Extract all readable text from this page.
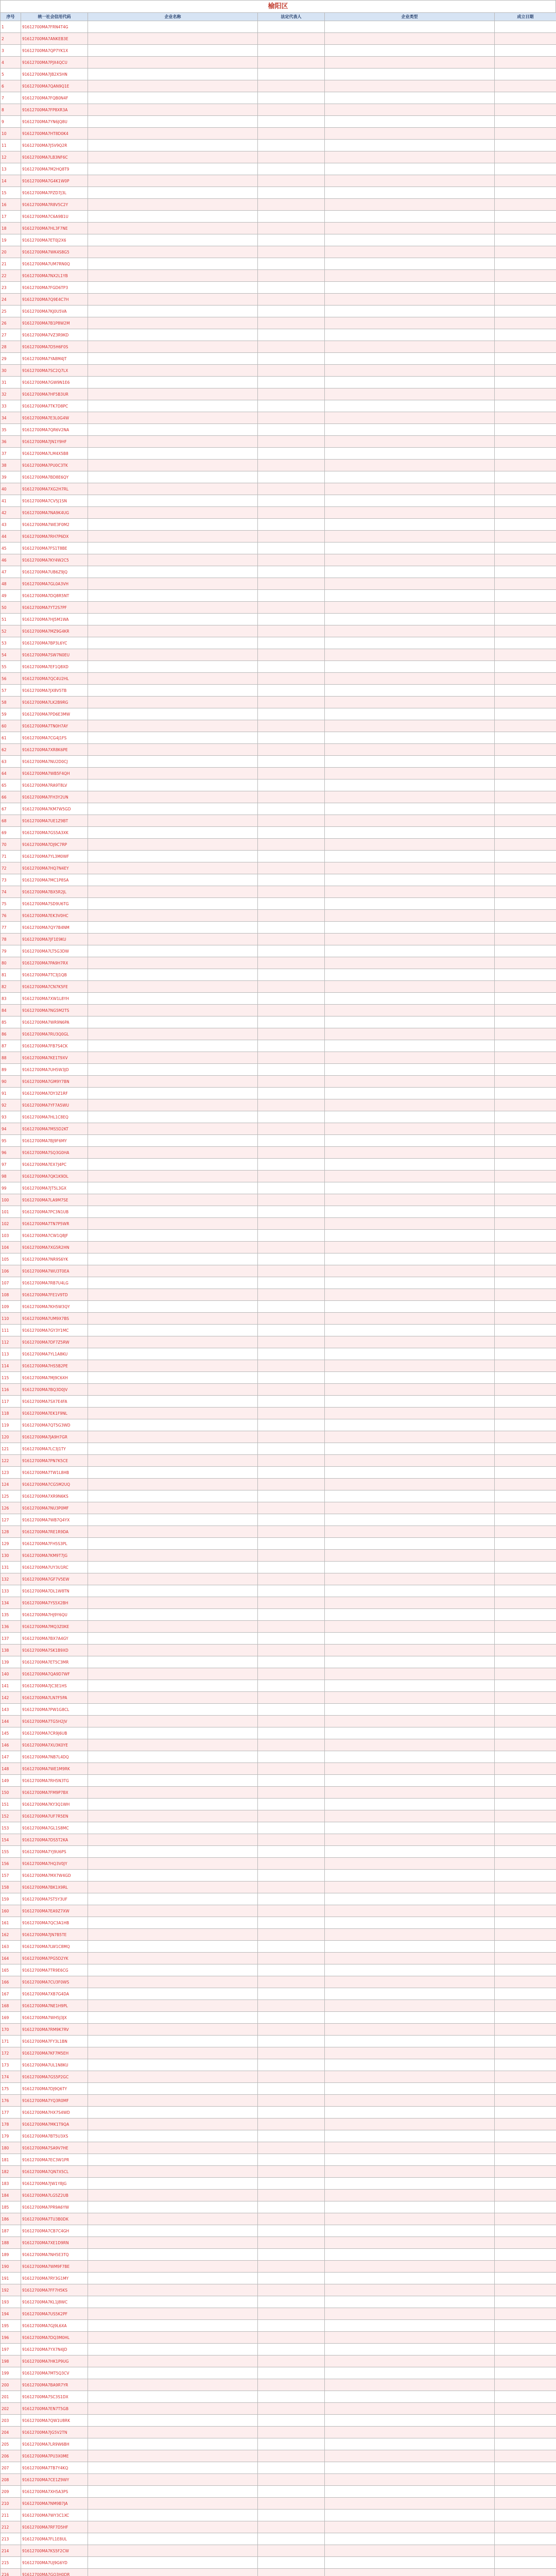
榆阳区
序号	统一社会信用代码	企业名称	法定代表人	企业类型	成立日期
1	91612700MA7FRN4T4G				
2	91612700MA7ANKEB3E				
3	91612700MA7QP7YK1X				
4	91612700MA7PJX4QCU				
5	91612700MA7JB2X5HN				
6	91612700MA7QAN9Q1E				
7	91612700MA7FQB0N4F				
8	91612700MA7FP8XR3A				
9	91612700MA7YN6JQ8U				
10	91612700MA7HT8D0K4				
11	91612700MA7J5V9Q2R				
12	91612700MA7LB3NF6C				
13	91612700MA7M2HQ8T9				
14	91612700MA7G4K1W0P				
15	91612700MA7PZD7J3L				
16	91612700MA7R8V5C2Y				
17	91612700MA7C6A9B1U				
18	91612700MA7HL3F7NE				
19	91612700MA7ET0J2X6				
20	91612700MA7WK4S8G5				
21	91612700MA7UM7RN0Q				
22	91612700MA7NX2L1YB				
23	91612700MA7FGD6TP3				
24	91612700MA7Q9E4C7H				
25	91612700MA7KJ0U5VA				
26	91612700MA7B1P8W2M				
27	91612700MA7VZ3R9KD				
28	91612700MA7D5H6F0S				
29	91612700MA7YA8M4JT				
30	91612700MA7SC2Q7LX				
31	91612700MA7GW9N1E6				
32	91612700MA7HF5B3UR				
33	91612700MA7TK7D8PC				
34	91612700MA7E3L0G4W				
35	91612700MA7QR6V2NA				
36	91612700MA7JN1Y9HF				
37	91612700MA7LM4X5B8				
38	91612700MA7PU0C3TK				
39	91612700MA7BD8E6QY				
40	91612700MA7XG2H7RL				
41	91612700MA7CV5J1SN				
42	91612700MA7NA9K4UG				
43	91612700MA7WE3F0M2				
44	91612700MA7RH7P6DX				
45	91612700MA7FS1T8BE				
46	91612700MA7KY4W2C5				
47	91612700MA7UB6Z9JQ				
48	91612700MA7GL0A3VH				
49	91612700MA7DQ8R5NT				
50	91612700MA7YT2S7PF				
51	91612700MA7HJ5M1WA				
52	91612700MA7MZ9G4KR				
53	91612700MA7BP3L6YC				
54	91612700MA7SW7N0EU				
55	91612700MA7EF1Q8XD				
56	91612700MA7QC4U2HL				
57	91612700MA7JX8V5TB				
58	91612700MA7LK2B9RG				
59	91612700MA7PD6E3MW				
60	91612700MA7TN0H7AY				
61	91612700MA7CG4J1FS				
62	91612700MA7XR8K6PE				
63	91612700MA7NU2D0CJ				
64	91612700MA7WB5F4QH				
65	91612700MA7RA9T8LV				
66	91612700MA7FH3Y2UN				
67	91612700MA7KM7W5GD				
68	91612700MA7UE1Z9BT				
69	91612700MA7GS5A3XK				
70	91612700MA7DJ9C7RP				
71	91612700MA7YL3M0WF				
72	91612700MA7HQ7N4EY				
73	91612700MA7MC1P8SA				
74	91612700MA7BX5R2JL				
75	91612700MA7SD9U6TG				
76	91612700MA7EK3V0HC				
77	91612700MA7QY7B4NM				
78	91612700MA7JF1E9KU				
79	91612700MA7LT5G3DW				
80	91612700MA7PA9H7RX				
81	91612700MA7TC3J1QB				
82	91612700MA7CN7K5FE				
83	91612700MA7XW1L8YH				
84	91612700MA7NG5M2TS				
85	91612700MA7WR9N6PA				
86	91612700MA7RU3Q0GL				
87	91612700MA7FB7S4CK				
88	91612700MA7KE1T9XV				
89	91612700MA7UH5W3JD				
90	91612700MA7GM9Y7BN				
91	91612700MA7DY3Z1RF				
92	91612700MA7YF7A5WU				
93	91612700MA7HL1C8EQ				
94	91612700MA7MS5D2KT				
95	91612700MA7BJ9F6MY				
96	91612700MA7SQ3G0HA				
97	91612700MA7EX7J4PC				
98	91612700MA7QK1K9DL				
99	91612700MA7JT5L3GX				
100	91612700MA7LA9M7SE				
101	91612700MA7PC3N1UB				
102	91612700MA7TN7P5WR				
103	91612700MA7CW1Q8JF				
104	91612700MA7XG5R2HN				
105	91612700MA7NR9S6YK				
106	91612700MA7WU3T0EA				
107	91612700MA7RB7U4LG				
108	91612700MA7FE1V9TD				
109	91612700MA7KH5W3QY				
110	91612700MA7UM9X7BS				
111	91612700MA7GY3Y1MC				
112	91612700MA7DF7Z5RW				
113	91612700MA7YL1A8KU				
114	91612700MA7HS5B2PE				
115	91612700MA7MJ9C6XH				
116	91612700MA7BQ3D0JV				
117	91612700MA7SX7E4FA				
118	91612700MA7EK1F9NL				
119	91612700MA7QT5G3WD				
120	91612700MA7JA9H7GR				
121	91612700MA7LC3J1TY				
122	91612700MA7PN7K5CE				
123	91612700MA7TW1L8HB				
124	91612700MA7CG5M2UQ				
125	91612700MA7XR9N6KS				
126	91612700MA7NU3P0MF				
127	91612700MA7WB7Q4YX				
128	91612700MA7RE1R9DA				
129	91612700MA7FH5S3PL				
130	91612700MA7KM9T7JG				
131	91612700MA7UY3U1RC				
132	91612700MA7GF7V5EW				
133	91612700MA7DL1W8TN				
134	91612700MA7YS5X2BH				
135	91612700MA7HJ9Y6QU				
136	91612700MA7MQ3Z0KE				
137	91612700MA7BX7A4GY				
138	91612700MA7SK1B9XD				
139	91612700MA7ET5C3MR				
140	91612700MA7QA9D7WF				
141	91612700MA7JC3E1HS				
142	91612700MA7LN7F5PA				
143	91612700MA7PW1G8CL				
144	91612700MA7TG5H2JV				
145	91612700MA7CR9J6UB				
146	91612700MA7XU3K0YE				
147	91612700MA7NB7L4DQ				
148	91612700MA7WE1M9RK				
149	91612700MA7RH5N3TG				
150	91612700MA7FM9P7BX				
151	91612700MA7KY3Q1WH				
152	91612700MA7UF7R5EN				
153	91612700MA7GL1S8MC				
154	91612700MA7DS5T2KA				
155	91612700MA7YJ9U6PS				
156	91612700MA7HQ3V0JY				
157	91612700MA7MX7W4GD				
158	91612700MA7BK1X9RL				
159	91612700MA7ST5Y3UF				
160	91612700MA7EA9Z7XW				
161	91612700MA7QC3A1HB				
162	91612700MA7JN7B5TE				
163	91612700MA7LW1C8MQ				
164	91612700MA7PG5D2YK				
165	91612700MA7TR9E6CG				
166	91612700MA7CU3F0WS				
167	91612700MA7XB7G4DA				
168	91612700MA7NE1H9PL				
169	91612700MA7WH5J3JX				
170	91612700MA7RM9K7RV				
171	91612700MA7FY3L1BN				
172	91612700MA7KF7M5EH				
173	91612700MA7UL1N8KU				
174	91612700MA7GS5P2GC				
175	91612700MA7DJ9Q6TY				
176	91612700MA7YQ3R0MF				
177	91612700MA7HX7S4WD				
178	91612700MA7MK1T9QA				
179	91612700MA7BT5U3XS				
180	91612700MA7SA9V7HE				
181	91612700MA7EC3W1PR				
182	91612700MA7QN7X5CL				
183	91612700MA7JW1Y8JG				
184	91612700MA7LG5Z2UB				
185	91612700MA7PR9A6YW				
186	91612700MA7TU3B0DK				
187	91612700MA7CB7C4GH				
188	91612700MA7XE1D9RN				
189	91612700MA7NH5E3TQ				
190	91612700MA7WM9F7BE				
191	91612700MA7RY3G1MY				
192	91612700MA7FF7H5KS				
193	91612700MA7KL1J8WC				
194	91612700MA7US5K2PF				
195	91612700MA7GJ9L6XA				
196	91612700MA7DQ3M0HL				
197	91612700MA7YX7N4JD				
198	91612700MA7HK1P9UG				
199	91612700MA7MT5Q3CV				
200	91612700MA7BA9R7YR				
201	91612700MA7SC3S1DX				
202	91612700MA7EN7T5GB				
203	91612700MA7QW1U8RK				
204	91612700MA7JG5V2TN				
205	91612700MA7LR9W6BH				
206	91612700MA7PU3X0ME				
207	91612700MA7TB7Y4KQ				
208	91612700MA7CE1Z9WY				
209	91612700MA7XH5A3PS				
210	91612700MA7NM9B7JA				
211	91612700MA7WY3C1XC				
212	91612700MA7RF7D5HF				
213	91612700MA7FL1E8UL				
214	91612700MA7KS5F2CW				
215	91612700MA7UJ9G6YD				
216	91612700MA7GQ3H0DR				
